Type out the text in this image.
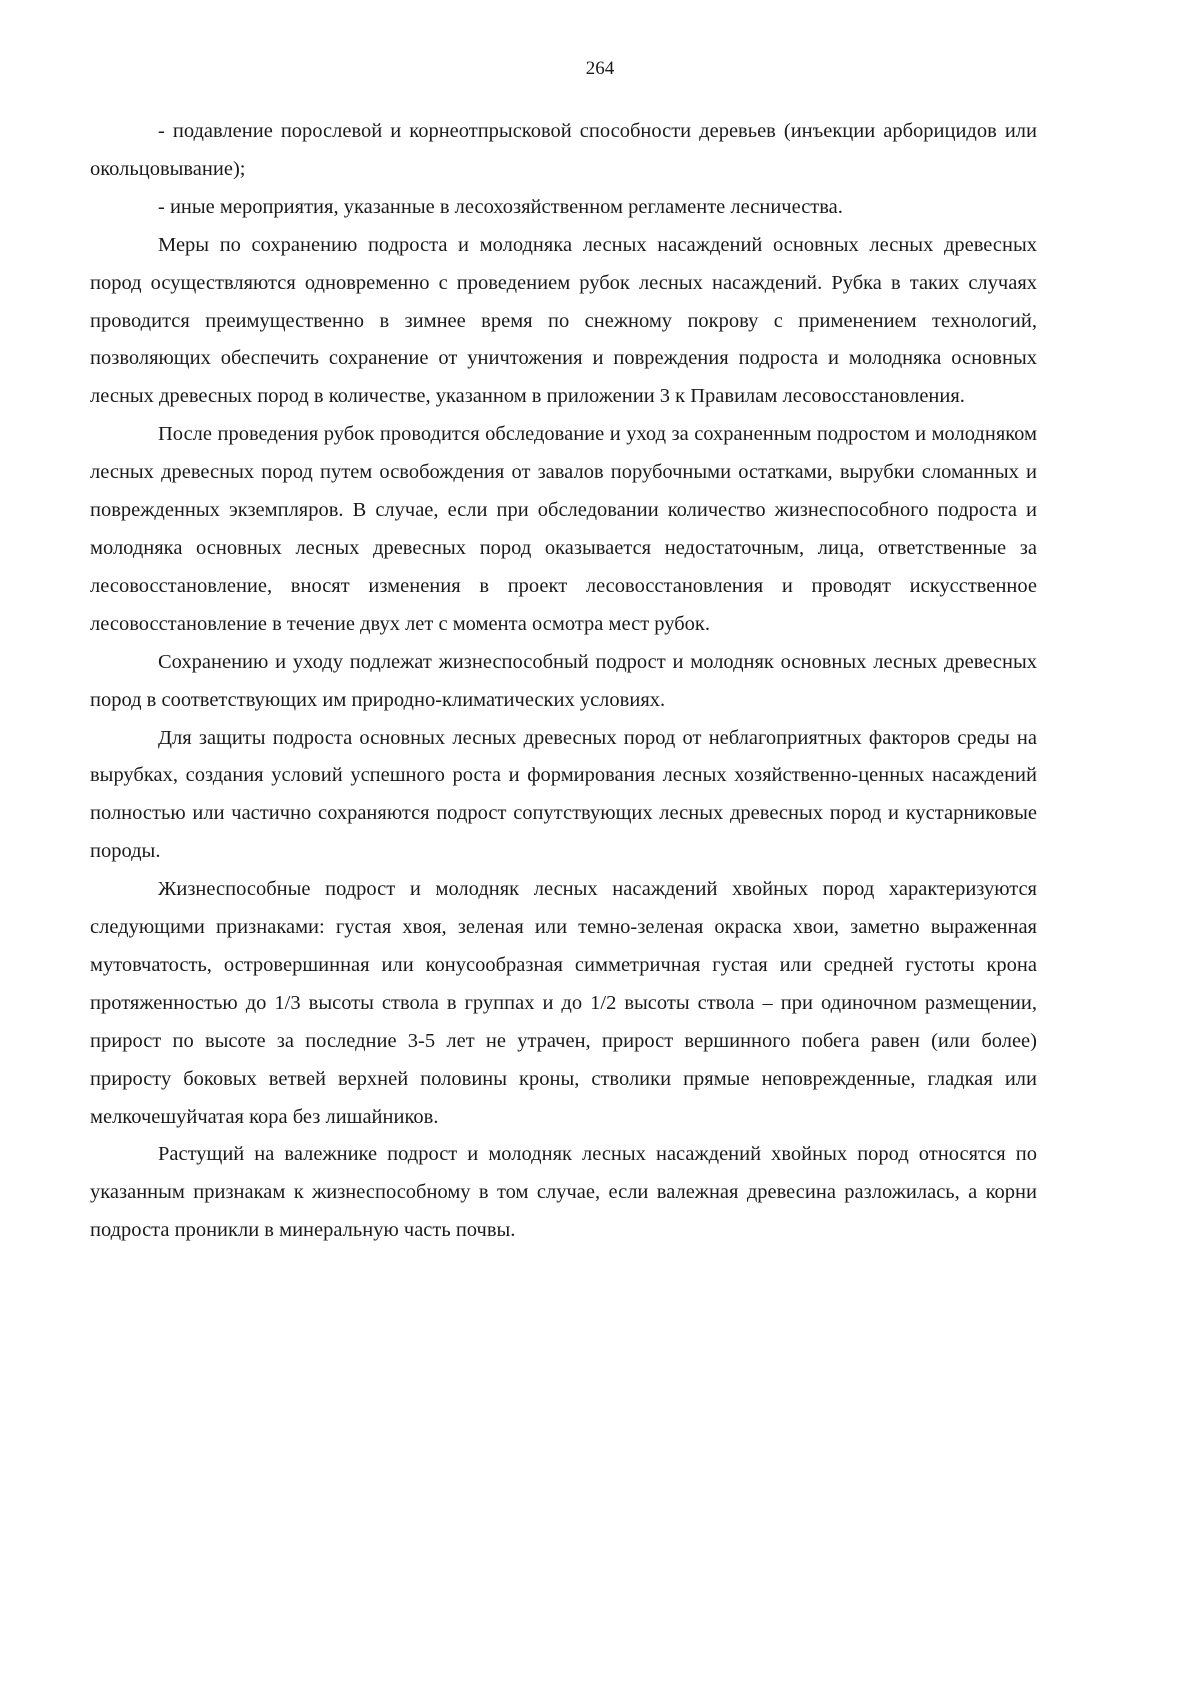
264

- подавление порослевой и корнеотпрысковой способности деревьев (инъекции арборицидов или окольцовывание);

- иные мероприятия, указанные в лесохозяйственном регламенте лесничества.

Меры по сохранению подроста и молодняка лесных насаждений основных лесных древесных пород осуществляются одновременно с проведением рубок лесных насаждений. Рубка в таких случаях проводится преимущественно в зимнее время по снежному покрову с применением технологий, позволяющих обеспечить сохранение от уничтожения и повреждения подроста и молодняка основных лесных древесных пород в количестве, указанном в приложении 3 к Правилам лесовосстановления.

После проведения рубок проводится обследование и уход за сохраненным подростом и молодняком лесных древесных пород путем освобождения от завалов порубочными остатками, вырубки сломанных и поврежденных экземпляров. В случае, если при обследовании количество жизнеспособного подроста и молодняка основных лесных древесных пород оказывается недостаточным, лица, ответственные за лесовосстановление, вносят изменения в проект лесовосстановления и проводят искусственное лесовосстановление в течение двух лет с момента осмотра мест рубок.

Сохранению и уходу подлежат жизнеспособный подрост и молодняк основных лесных древесных пород в соответствующих им природно-климатических условиях.

Для защиты подроста основных лесных древесных пород от неблагоприятных факторов среды на вырубках, создания условий успешного роста и формирования лесных хозяйственно-ценных насаждений полностью или частично сохраняются подрост сопутствующих лесных древесных пород и кустарниковые породы.

Жизнеспособные подрост и молодняк лесных насаждений хвойных пород характеризуются следующими признаками: густая хвоя, зеленая или темно-зеленая окраска хвои, заметно выраженная мутовчатость, островершинная или конусообразная симметричная густая или средней густоты крона протяженностью до 1/3 высоты ствола в группах и до 1/2 высоты ствола – при одиночном размещении, прирост по высоте за последние 3-5 лет не утрачен, прирост вершинного побега равен (или более) приросту боковых ветвей верхней половины кроны, стволики прямые неповрежденные, гладкая или мелкочешуйчатая кора без лишайников.

Растущий на валежнике подрост и молодняк лесных насаждений хвойных пород относятся по указанным признакам к жизнеспособному в том случае, если валежная древесина разложилась, а корни подроста проникли в минеральную часть почвы.
